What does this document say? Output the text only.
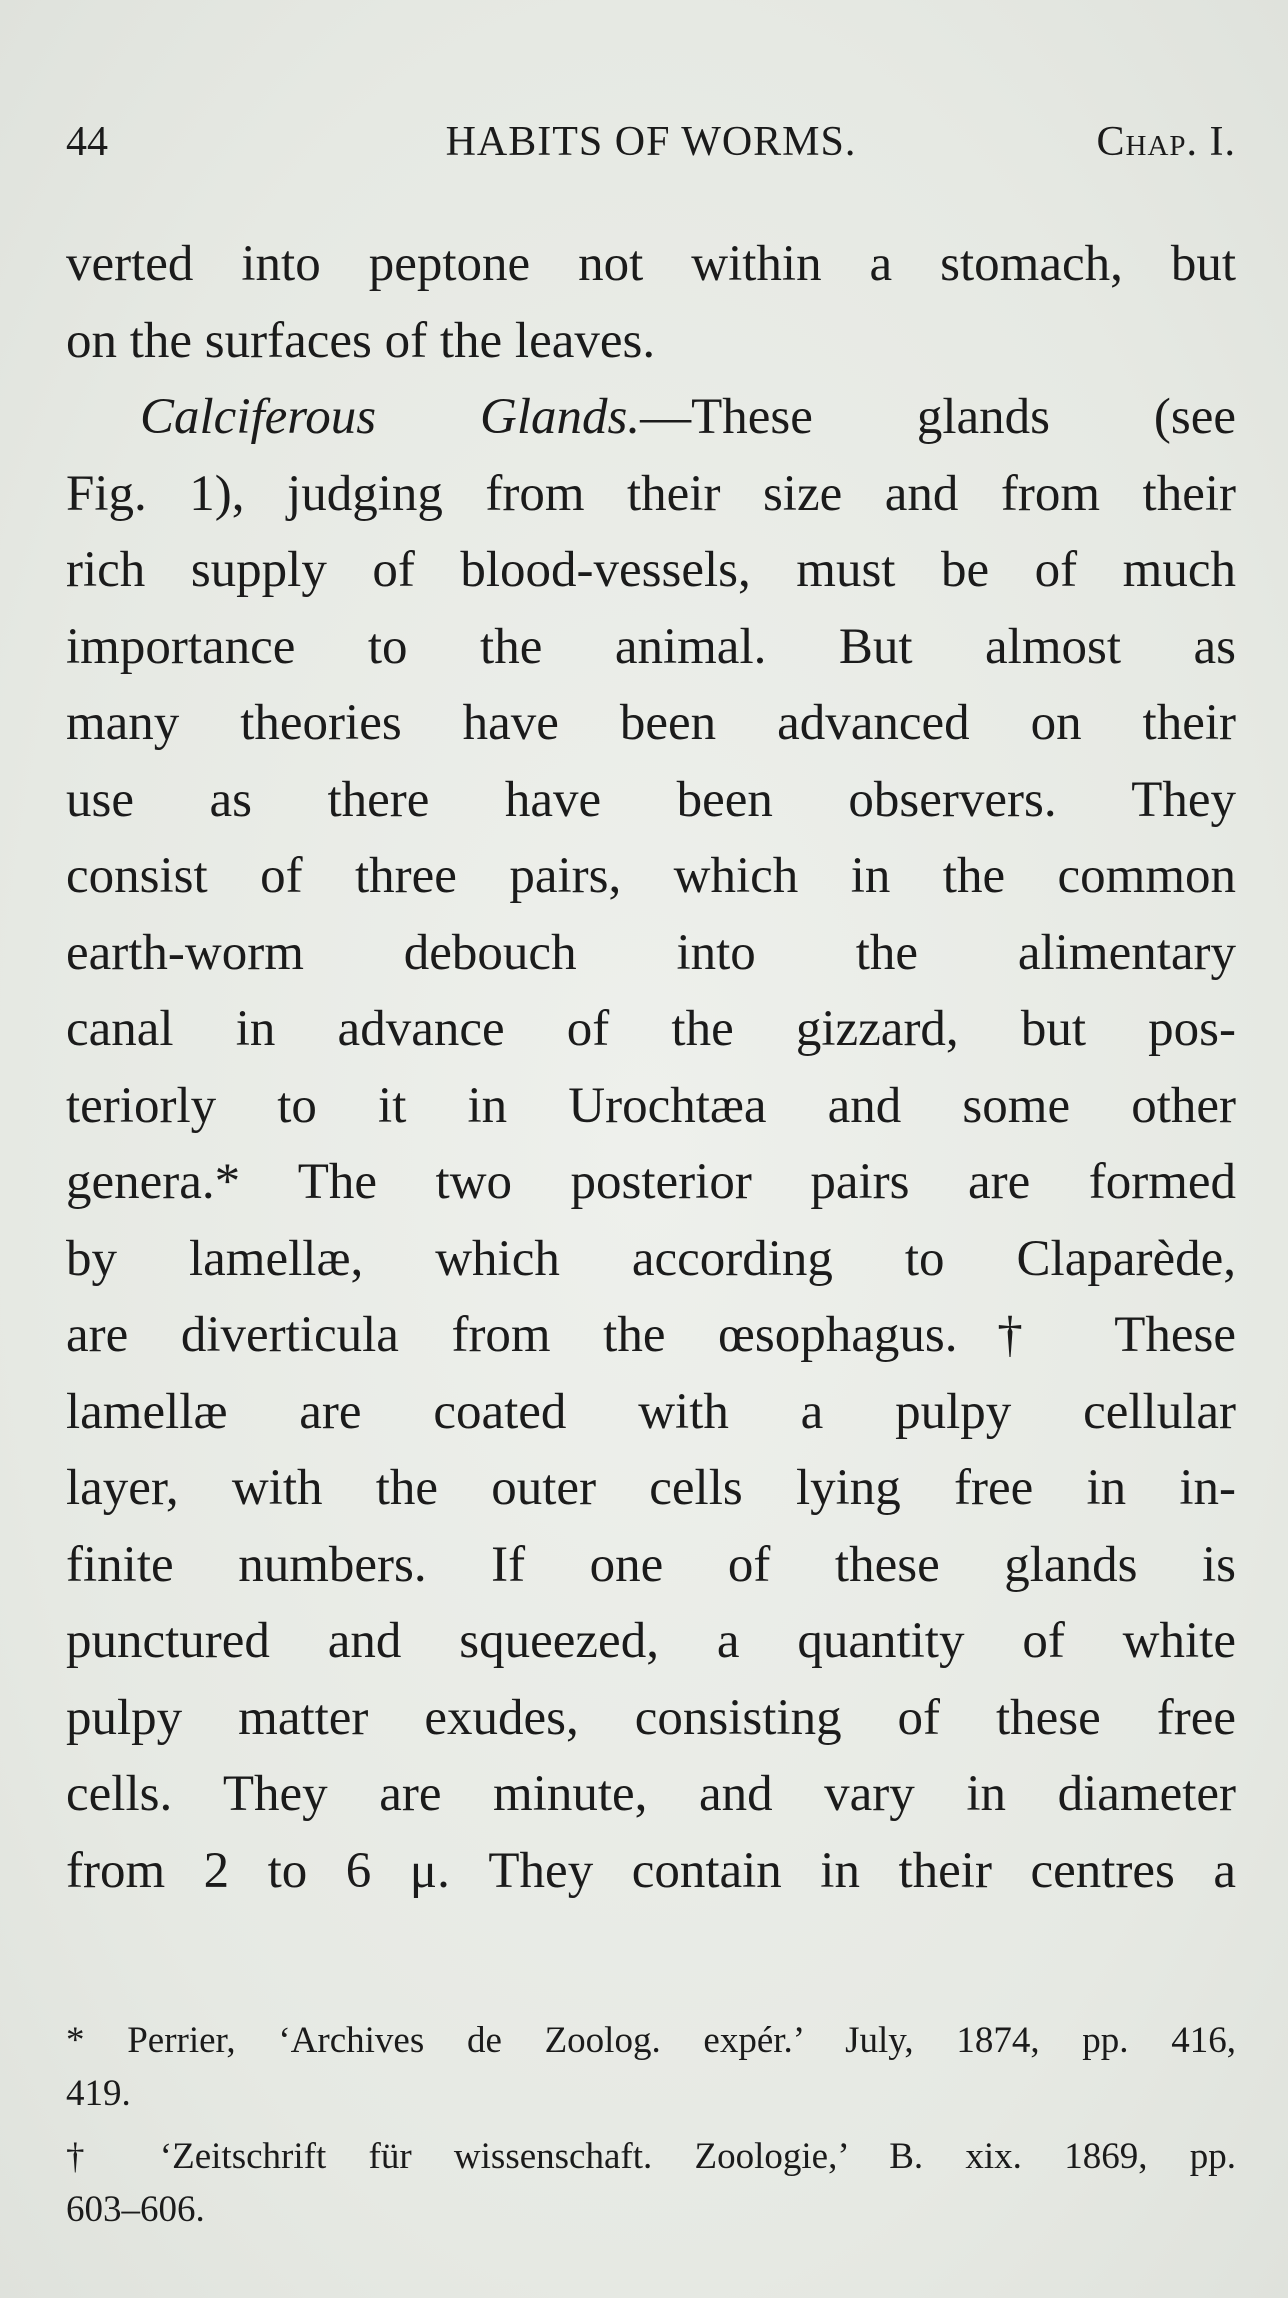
44	HABITS OF WORMS.	Chap. I.
verted into peptone not within a stomach, but
on the surfaces of the leaves.
Calciferous Glands.—These glands (see
Fig. 1), judging from their size and from their
rich supply of blood-vessels, must be of much
importance to the animal. But almost as
many theories have been advanced on their
use as there have been observers. They
consist of three pairs, which in the common
earth-worm debouch into the alimentary
canal in advance of the gizzard, but pos-
teriorly to it in Urochtæa and some other
genera.* The two posterior pairs are formed
by lamellæ, which according to Claparède,
are diverticula from the œsophagus.† These
lamellæ are coated with a pulpy cellular
layer, with the outer cells lying free in in-
finite numbers. If one of these glands is
punctured and squeezed, a quantity of white
pulpy matter exudes, consisting of these free
cells. They are minute, and vary in diameter
from 2 to 6 μ. They contain in their centres a
* Perrier, ‘Archives de Zoolog. expér.’ July, 1874, pp. 416,
419.
† ‘Zeitschrift für wissenschaft. Zoologie,’ B. xix. 1869, pp.
603–606.
